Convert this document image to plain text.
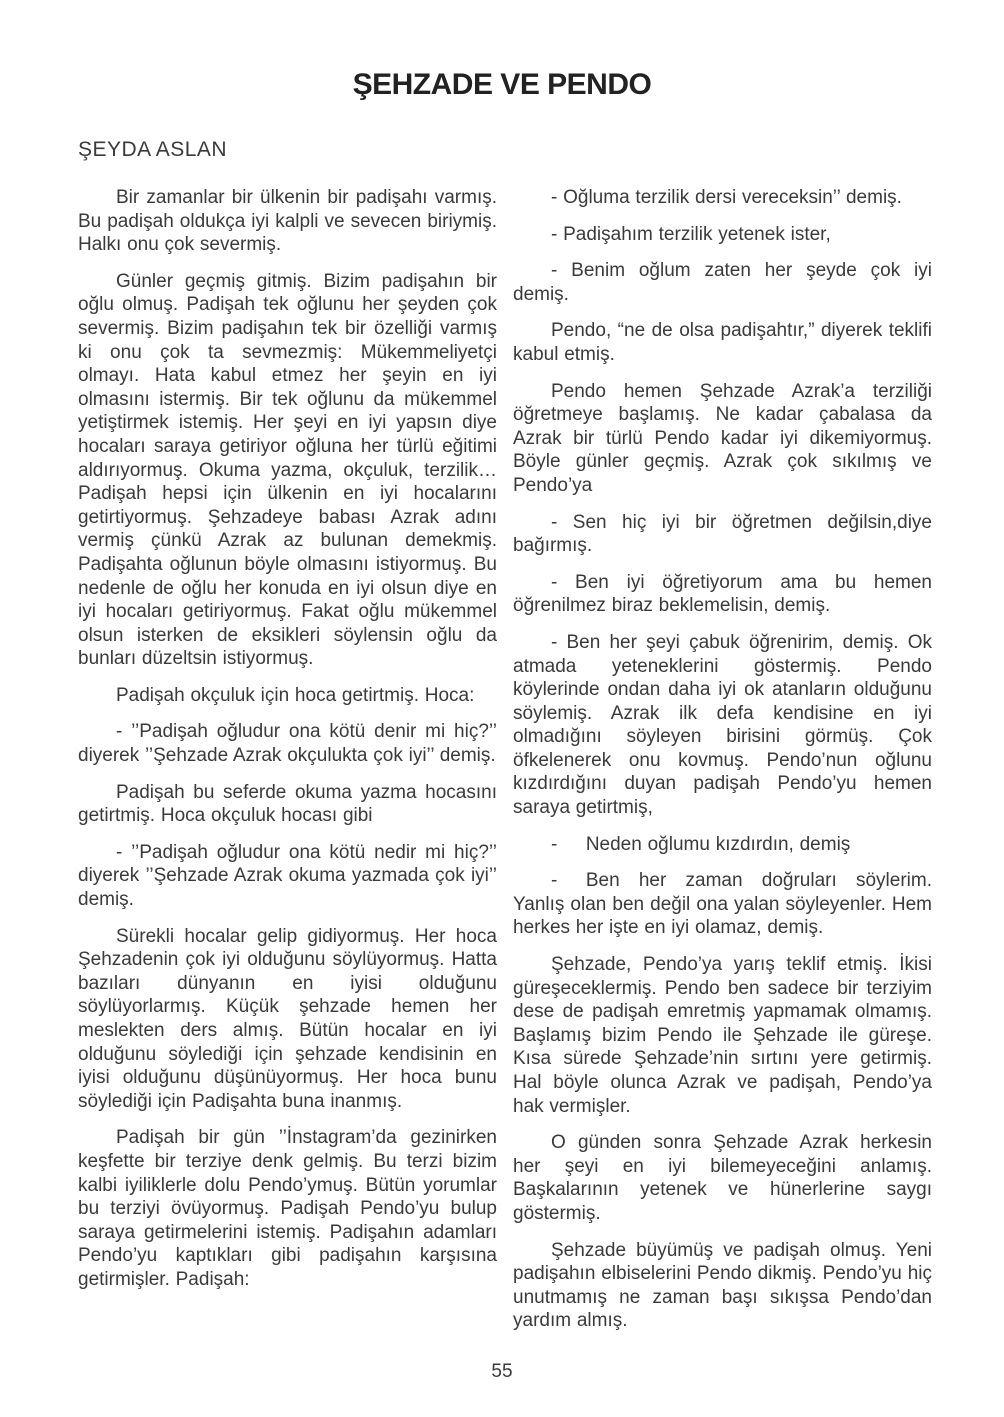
ŞEHZADE VE PENDO
ŞEYDA ASLAN

Bir zamanlar bir ülkenin bir padişahı varmış. Bu padişah oldukça iyi kalpli ve sevecen biriymiş. Halkı onu çok severmiş.

Günler geçmiş gitmiş. Bizim padişahın bir oğlu olmuş. Padişah tek oğlunu her şeyden çok severmiş. Bizim padişahın tek bir özelliği varmış ki onu çok ta sevmezmiş: Mükemmeliyetçi olmayı. Hata kabul etmez her şeyin en iyi olmasını istermiş. Bir tek oğlunu da mükemmel yetiştirmek istemiş. Her şeyi en iyi yapsın diye hocaları saraya getiriyor oğluna her türlü eğitimi aldırıyormuş. Okuma yazma, okçuluk, terzilik… Padişah hepsi için ülkenin en iyi hocalarını getirtiyormuş. Şehzadeye babası Azrak adını vermiş çünkü Azrak az bulunan demekmiş. Padişahta oğlunun böyle olmasını istiyormuş. Bu nedenle de oğlu her konuda en iyi olsun diye en iyi hocaları getiriyormuş. Fakat oğlu mükemmel olsun isterken de eksikleri söylensin oğlu da bunları düzeltsin istiyormuş.

Padişah okçuluk için hoca getirtmiş. Hoca:

- ’’Padişah oğludur ona kötü denir mi hiç?’’ diyerek ’’Şehzade Azrak okçulukta çok iyi’’ demiş.

Padişah bu seferde okuma yazma hocasını getirtmiş. Hoca okçuluk hocası gibi

- ’’Padişah oğludur ona kötü nedir mi hiç?’’ diyerek ’’Şehzade Azrak okuma yazmada çok iyi’’ demiş.

Sürekli hocalar gelip gidiyormuş. Her hoca Şehzadenin çok iyi olduğunu söylüyormuş. Hatta bazıları dünyanın en iyisi olduğunu söylüyorlarmış. Küçük şehzade hemen her meslekten ders almış. Bütün hocalar en iyi olduğunu söylediği için şehzade kendisinin en iyisi olduğunu düşünüyormuş. Her hoca bunu söylediği için Padişahta buna inanmış.

Padişah bir gün ’’İnstagram’da gezinirken keşfette bir terziye denk gelmiş. Bu terzi bizim kalbi iyiliklerle dolu Pendo’ymuş. Bütün yorumlar bu terziyi övüyormuş. Padişah Pendo’yu bulup saraya getirmelerini istemiş. Padişahın adamları Pendo’yu kaptıkları gibi padişahın karşısına getirmişler. Padişah:

- Oğluma terzilik dersi vereceksin’’ demiş.

- Padişahım terzilik yetenek ister,

- Benim oğlum zaten her şeyde çok iyi demiş.

Pendo, “ne de olsa padişahtır,” diyerek teklifi kabul etmiş.

Pendo hemen Şehzade Azrak’a terziliği öğretmeye başlamış. Ne kadar çabalasa da Azrak bir türlü Pendo kadar iyi dikemiyormuş. Böyle günler geçmiş. Azrak çok sıkılmış ve Pendo’ya

- Sen hiç iyi bir öğretmen değilsin,diye bağırmış.

- Ben iyi öğretiyorum ama bu hemen öğrenilmez biraz beklemelisin, demiş.

- Ben her şeyi çabuk öğrenirim, demiş. Ok atmada yeteneklerini göstermiş. Pendo köylerinde ondan daha iyi ok atanların olduğunu söylemiş. Azrak ilk defa kendisine en iyi olmadığını söyleyen birisini görmüş. Çok öfkelenerek onu kovmuş. Pendo’nun oğlunu kızdırdığını duyan padişah Pendo’yu hemen saraya getirtmiş,

-  Neden oğlumu kızdırdın, demiş

-  Ben her zaman doğruları söylerim. Yanlış olan ben değil ona yalan söyleyenler. Hem herkes her işte en iyi olamaz, demiş.

Şehzade, Pendo’ya yarış teklif etmiş. İkisi güreşeceklermiş. Pendo ben sadece bir terziyim dese de padişah emretmiş yapmamak olmamış. Başlamış bizim Pendo ile Şehzade ile güreşe. Kısa sürede Şehzade’nin sırtını yere getirmiş. Hal böyle olunca Azrak ve padişah, Pendo’ya hak vermişler.

O günden sonra Şehzade Azrak herkesin her şeyi en iyi bilemeyeceğini anlamış. Başkalarının yetenek ve hünerlerine saygı göstermiş.

Şehzade büyümüş ve padişah olmuş. Yeni padişahın elbiselerini Pendo dikmiş. Pendo’yu hiç unutmamış ne zaman başı sıkışsa Pendo’dan yardım almış.

55
